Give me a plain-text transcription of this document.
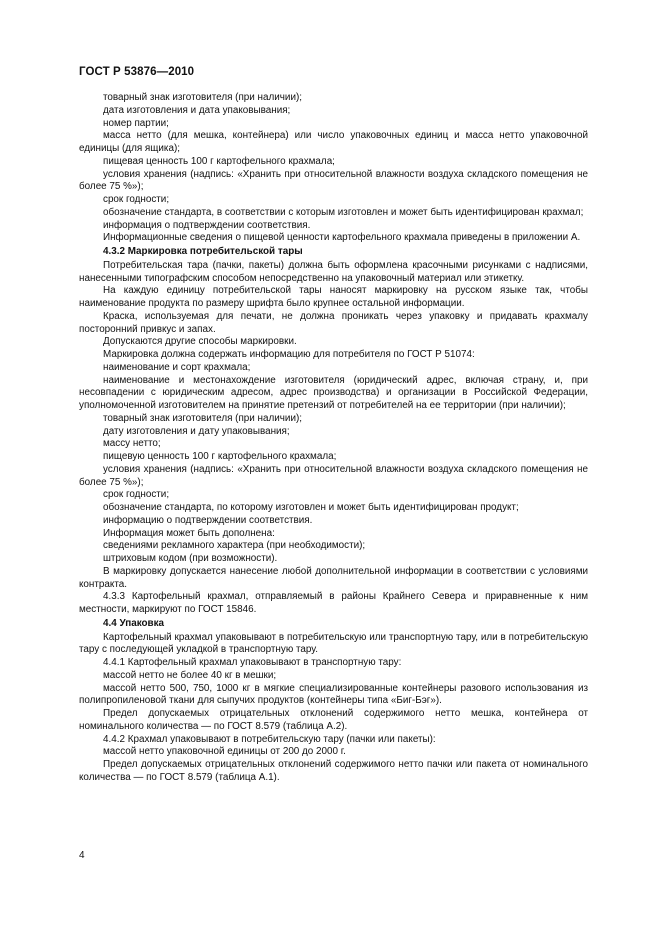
ГОСТ Р 53876—2010

товарный знак изготовителя (при наличии);

дата изготовления и дата упаковывания;

номер партии;

масса нетто (для мешка, контейнера) или число упаковочных единиц и масса нетто упаковочной единицы (для ящика);

пищевая ценность 100 г картофельного крахмала;

условия хранения (надпись: «Хранить при относительной влажности воздуха складского помещения не более 75 %»);

срок годности;

обозначение стандарта, в соответствии с которым изготовлен и может быть идентифицирован крахмал;

информация о подтверждении соответствия.

Информационные сведения о пищевой ценности картофельного крахмала приведены в приложении А.

4.3.2 Маркировка потребительской тары

Потребительская тара (пачки, пакеты) должна быть оформлена красочными рисунками с надписями, нанесенными типографским способом непосредственно на упаковочный материал или этикетку.

На каждую единицу потребительской тары наносят маркировку на русском языке так, чтобы наименование продукта по размеру шрифта было крупнее остальной информации.

Краска, используемая для печати, не должна проникать через упаковку и придавать крахмалу посторонний привкус и запах.

Допускаются другие способы маркировки.

Маркировка должна содержать информацию для потребителя по ГОСТ Р 51074:

наименование и сорт крахмала;

наименование и местонахождение изготовителя (юридический адрес, включая страну, и, при несовпадении с юридическим адресом, адрес производства) и организации в Российской Федерации, уполномоченной изготовителем на принятие претензий от потребителей на ее территории (при наличии);

товарный знак изготовителя (при наличии);

дату изготовления и дату упаковывания;

массу нетто;

пищевую ценность 100 г картофельного крахмала;

условия хранения (надпись: «Хранить при относительной влажности воздуха складского помещения не более 75 %»);

срок годности;

обозначение стандарта, по которому изготовлен и может быть идентифицирован продукт;

информацию о подтверждении соответствия.

Информация может быть дополнена:

сведениями рекламного характера (при необходимости);

штриховым кодом (при возможности).

В маркировку допускается нанесение любой дополнительной информации в соответствии с условиями контракта.

4.3.3 Картофельный крахмал, отправляемый в районы Крайнего Севера и приравненные к ним местности, маркируют по ГОСТ 15846.

4.4 Упаковка

Картофельный крахмал упаковывают в потребительскую или транспортную тару, или в потребительскую тару с последующей укладкой в транспортную тару.

4.4.1 Картофельный крахмал упаковывают в транспортную тару:

массой нетто не более 40 кг в мешки;

массой нетто 500, 750, 1000 кг в мягкие специализированные контейнеры разового использования из полипропиленовой ткани для сыпучих продуктов (контейнеры типа «Биг-Бэг»).

Предел допускаемых отрицательных отклонений содержимого нетто мешка, контейнера от номинального количества — по ГОСТ 8.579 (таблица А.2).

4.4.2 Крахмал упаковывают в потребительскую тару (пачки или пакеты):

массой нетто упаковочной единицы от 200 до 2000 г.

Предел допускаемых отрицательных отклонений содержимого нетто пачки или пакета от номинального количества — по ГОСТ 8.579 (таблица А.1).

4
